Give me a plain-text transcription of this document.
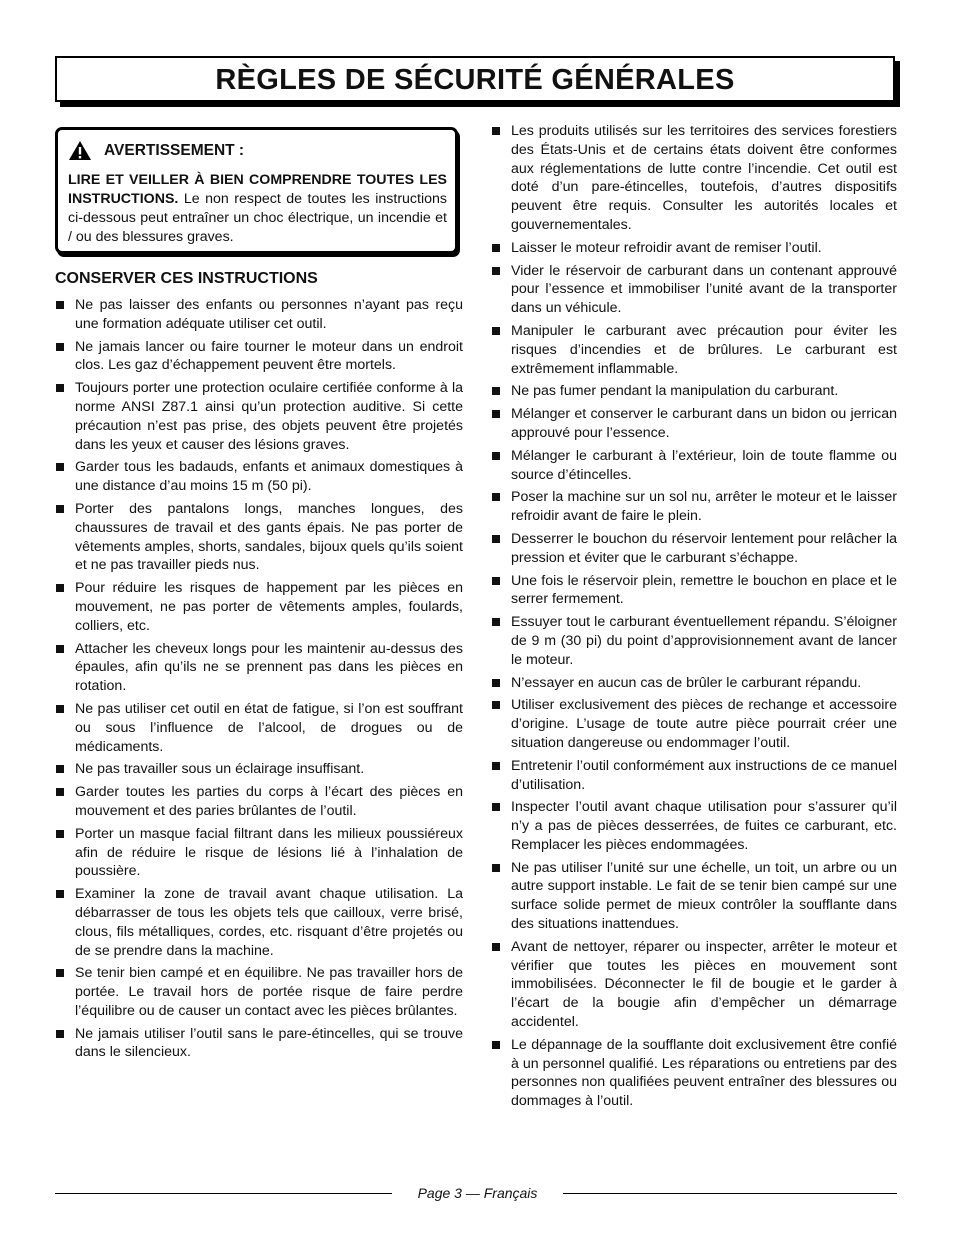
RÈGLES DE SÉCURITÉ GÉNÉRALES
AVERTISSEMENT :
LIRE ET VEILLER À BIEN COMPRENDRE TOUTES LES INSTRUCTIONS. Le non respect de toutes les instructions ci-dessous peut entraîner un choc électrique, un incendie et / ou des blessures graves.
CONSERVER CES INSTRUCTIONS
Ne pas laisser des enfants ou personnes n’ayant pas reçu une formation adéquate utiliser cet outil.
Ne jamais lancer ou faire tourner le moteur dans un endroit clos. Les gaz d’échappement peuvent être mortels.
Toujours porter une protection oculaire certifiée conforme à la norme ANSI Z87.1 ainsi qu’un protection auditive. Si cette précaution n’est pas prise, des objets peuvent être projetés dans les yeux et causer des lésions graves.
Garder tous les badauds, enfants et animaux domestiques à une distance d’au moins 15 m (50 pi).
Porter des pantalons longs, manches longues, des chaussures de travail et des gants épais. Ne pas porter de vêtements amples, shorts, sandales, bijoux quels qu’ils soient et ne pas travailler pieds nus.
Pour réduire les risques de happement par les pièces en mouvement, ne pas porter de vêtements amples, foulards, colliers, etc.
Attacher les cheveux longs pour les maintenir au-dessus des épaules, afin qu’ils ne se prennent pas dans les pièces en rotation.
Ne pas utiliser cet outil en état de fatigue, si l’on est souffrant ou sous l’influence de l’alcool, de drogues ou de médicaments.
Ne pas travailler sous un éclairage insuffisant.
Garder toutes les parties du corps à l’écart des pièces en mouvement et des paries brûlantes de l’outil.
Porter un masque facial filtrant dans les milieux poussiéreux afin de réduire le risque de lésions lié à l’inhalation de poussière.
Examiner la zone de travail avant chaque utilisation. La débarrasser de tous les objets tels que cailloux, verre brisé, clous, fils métalliques, cordes, etc. risquant d’être projetés ou de se prendre dans la machine.
Se tenir bien campé et en équilibre. Ne pas travailler hors de portée. Le travail hors de portée risque de faire perdre l’équilibre ou de causer un contact avec les pièces brûlantes.
Ne jamais utiliser l’outil sans le pare-étincelles, qui se trouve dans le silencieux.
Les produits utilisés sur les territoires des services forestiers des États-Unis et de certains états doivent être conformes aux réglementations de lutte contre l’incendie. Cet outil est doté d’un pare-étincelles, toutefois, d’autres dispositifs peuvent être requis. Consulter les autorités locales et gouvernementales.
Laisser le moteur refroidir avant de remiser l’outil.
Vider le réservoir de carburant dans un contenant approuvé pour l’essence et immobiliser l’unité avant de la transporter dans un véhicule.
Manipuler le carburant avec précaution pour éviter les risques d’incendies et de brûlures. Le carburant est extrêmement inflammable.
Ne pas fumer pendant la manipulation du carburant.
Mélanger et conserver le carburant dans un bidon ou jerrican approuvé pour l’essence.
Mélanger le carburant à l’extérieur, loin de toute flamme ou source d’étincelles.
Poser la machine sur un sol nu, arrêter le moteur et le laisser refroidir avant de faire le plein.
Desserrer le bouchon du réservoir lentement pour relâcher la pression et éviter que le carburant s’échappe.
Une fois le réservoir plein, remettre le bouchon en place et le serrer fermement.
Essuyer tout le carburant éventuellement répandu. S’éloigner de 9 m (30 pi) du point d’approvisionnement avant de lancer le moteur.
N’essayer en aucun cas de brûler le carburant répandu.
Utiliser exclusivement des pièces de rechange et accessoire d’origine. L’usage de toute autre pièce pourrait créer une situation dangereuse ou endommager l’outil.
Entretenir l’outil conformément aux instructions de ce manuel d’utilisation.
Inspecter l’outil avant chaque utilisation pour s’assurer qu’il n’y a pas de pièces desserrées, de fuites ce carburant, etc. Remplacer les pièces endommagées.
Ne pas utiliser l’unité sur une échelle, un toit, un arbre ou un autre support instable. Le fait de se tenir bien campé sur une surface solide permet de mieux contrôler la soufflante dans des situations inattendues.
Avant de nettoyer, réparer ou inspecter, arrêter le moteur et vérifier que toutes les pièces en mouvement sont immobilisées. Déconnecter le fil de bougie et le garder à l’écart de la bougie afin d’empêcher un démarrage accidentel.
Le dépannage de la soufflante doit exclusivement être confié à un personnel qualifié. Les réparations ou entretiens par des personnes non qualifiées peuvent entraîner des blessures ou dommages à l’outil.
Page 3 — Français
